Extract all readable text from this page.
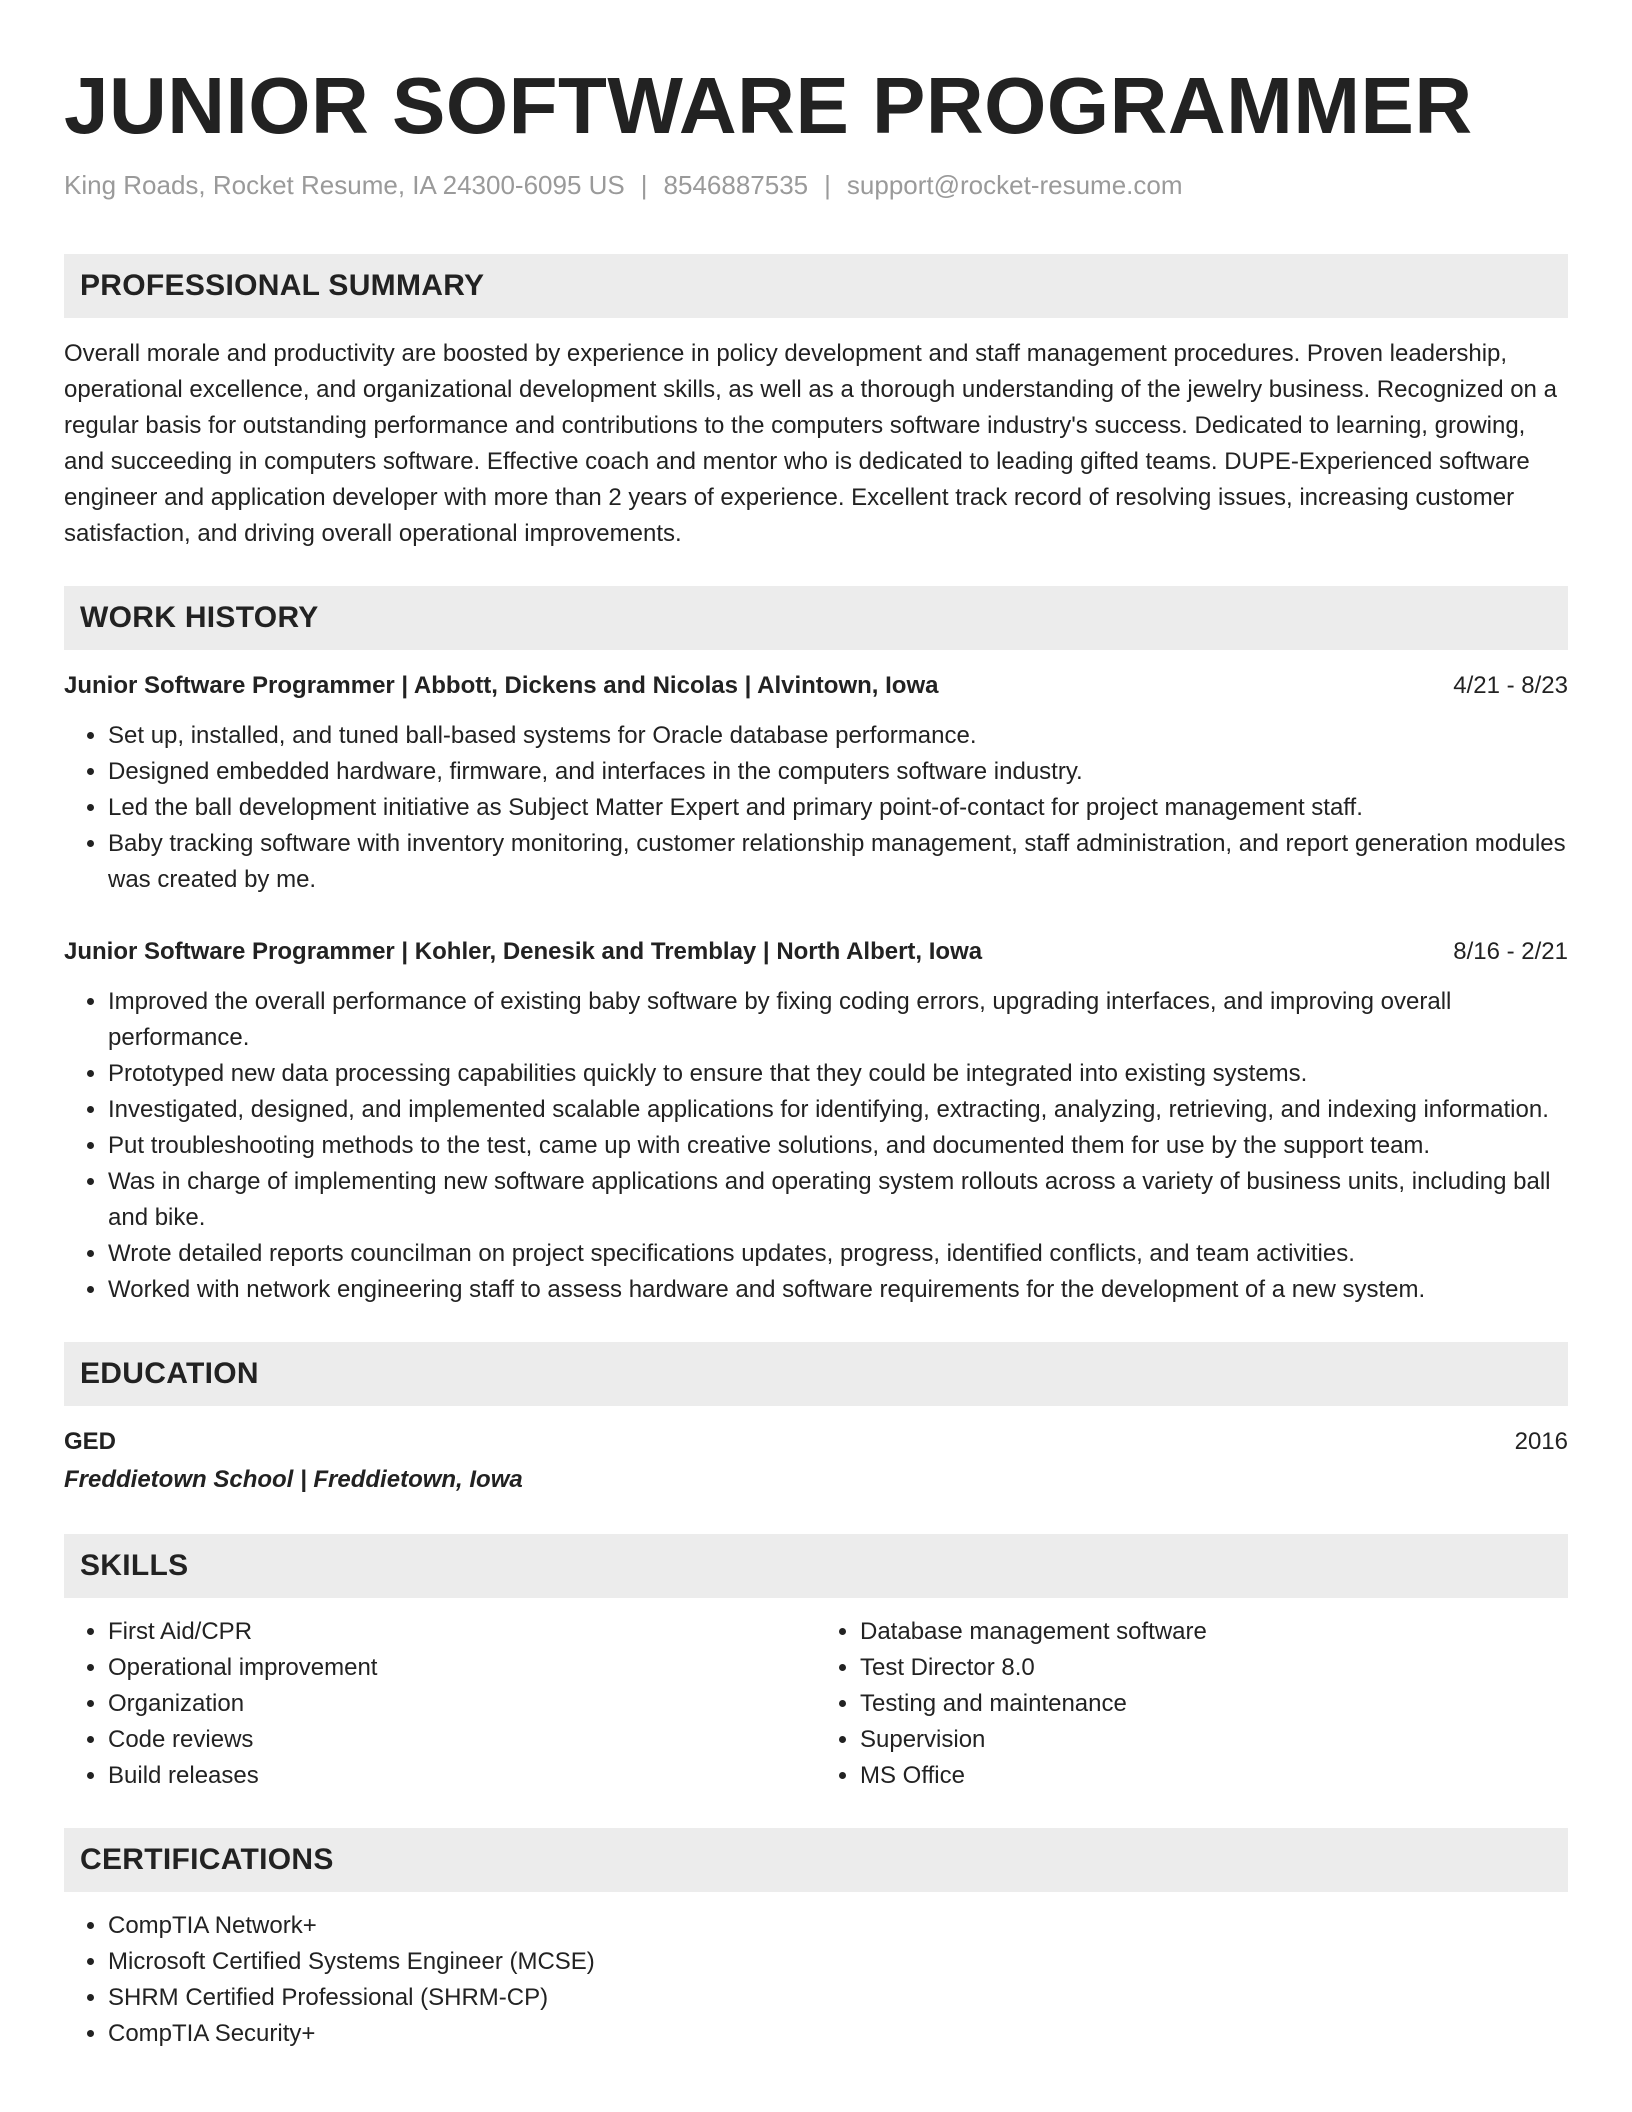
JUNIOR SOFTWARE PROGRAMMER
King Roads, Rocket Resume, IA 24300-6095 US | 8546887535 | support@rocket-resume.com
PROFESSIONAL SUMMARY

Overall morale and productivity are boosted by experience in policy development and staff management procedures. Proven leadership, operational excellence, and organizational development skills, as well as a thorough understanding of the jewelry business. Recognized on a regular basis for outstanding performance and contributions to the computers software industry's success. Dedicated to learning, growing, and succeeding in computers software. Effective coach and mentor who is dedicated to leading gifted teams. DUPE-Experienced software engineer and application developer with more than 2 years of experience. Excellent track record of resolving issues, increasing customer satisfaction, and driving overall operational improvements.

WORK HISTORY
Junior Software Programmer | Abbott, Dickens and Nicolas | Alvintown, Iowa	4/21 - 8/23
• Set up, installed, and tuned ball-based systems for Oracle database performance.
• Designed embedded hardware, firmware, and interfaces in the computers software industry.
• Led the ball development initiative as Subject Matter Expert and primary point-of-contact for project management staff.
• Baby tracking software with inventory monitoring, customer relationship management, staff administration, and report generation modules was created by me.
Junior Software Programmer | Kohler, Denesik and Tremblay | North Albert, Iowa	8/16 - 2/21
• Improved the overall performance of existing baby software by fixing coding errors, upgrading interfaces, and improving overall performance.
• Prototyped new data processing capabilities quickly to ensure that they could be integrated into existing systems.
• Investigated, designed, and implemented scalable applications for identifying, extracting, analyzing, retrieving, and indexing information.
• Put troubleshooting methods to the test, came up with creative solutions, and documented them for use by the support team.
• Was in charge of implementing new software applications and operating system rollouts across a variety of business units, including ball and bike.
• Wrote detailed reports councilman on project specifications updates, progress, identified conflicts, and team activities.
• Worked with network engineering staff to assess hardware and software requirements for the development of a new system.
EDUCATION
GED	2016
Freddietown School | Freddietown, Iowa
SKILLS
• First Aid/CPR
• Operational improvement
• Organization
• Code reviews
• Build releases
• Database management software
• Test Director 8.0
• Testing and maintenance
• Supervision
• MS Office
CERTIFICATIONS
• CompTIA Network+
• Microsoft Certified Systems Engineer (MCSE)
• SHRM Certified Professional (SHRM-CP)
• CompTIA Security+
